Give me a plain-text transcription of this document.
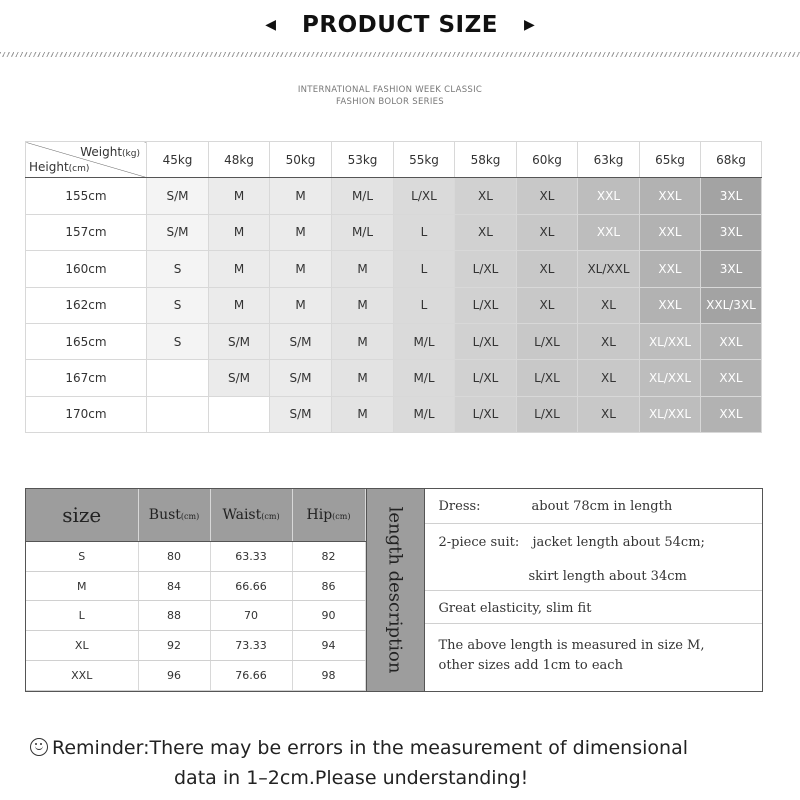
◀ PRODUCT SIZE ▶
INTERNATIONAL FASHION WEEK CLASSIC
FASHION BOLOR SERIES
Weight(kg)
Height(cm)	45kg	48kg	50kg	53kg	55kg	58kg	60kg	63kg	65kg	68kg
155cm	S/M	M	M	M/L	L/XL	XL	XL	XXL	XXL	3XL
157cm	S/M	M	M	M/L	L	XL	XL	XXL	XXL	3XL
160cm	S	M	M	M	L	L/XL	XL	XL/XXL	XXL	3XL
162cm	S	M	M	M	L	L/XL	XL	XL	XXL	XXL/3XL
165cm	S	S/M	S/M	M	M/L	L/XL	L/XL	XL	XL/XXL	XXL
167cm		S/M	S/M	M	M/L	L/XL	L/XL	XL	XL/XXL	XXL
170cm			S/M	M	M/L	L/XL	L/XL	XL	XL/XXL	XXL
size	Bust(cm)	Waist(cm)	Hip(cm)
S	80	63.33	82
M	84	66.66	86
L	88	70	90
XL	92	73.33	94
XXL	96	76.66	98
length description
Dress:	about 78cm in length
2-piece suit: jacket length about 54cm;
skirt length about 34cm
Great elasticity, slim fit
The above length is measured in size M,
other sizes add 1cm to each
Reminder:There may be errors in the measurement of dimensional
data in 1–2cm.Please understanding!
